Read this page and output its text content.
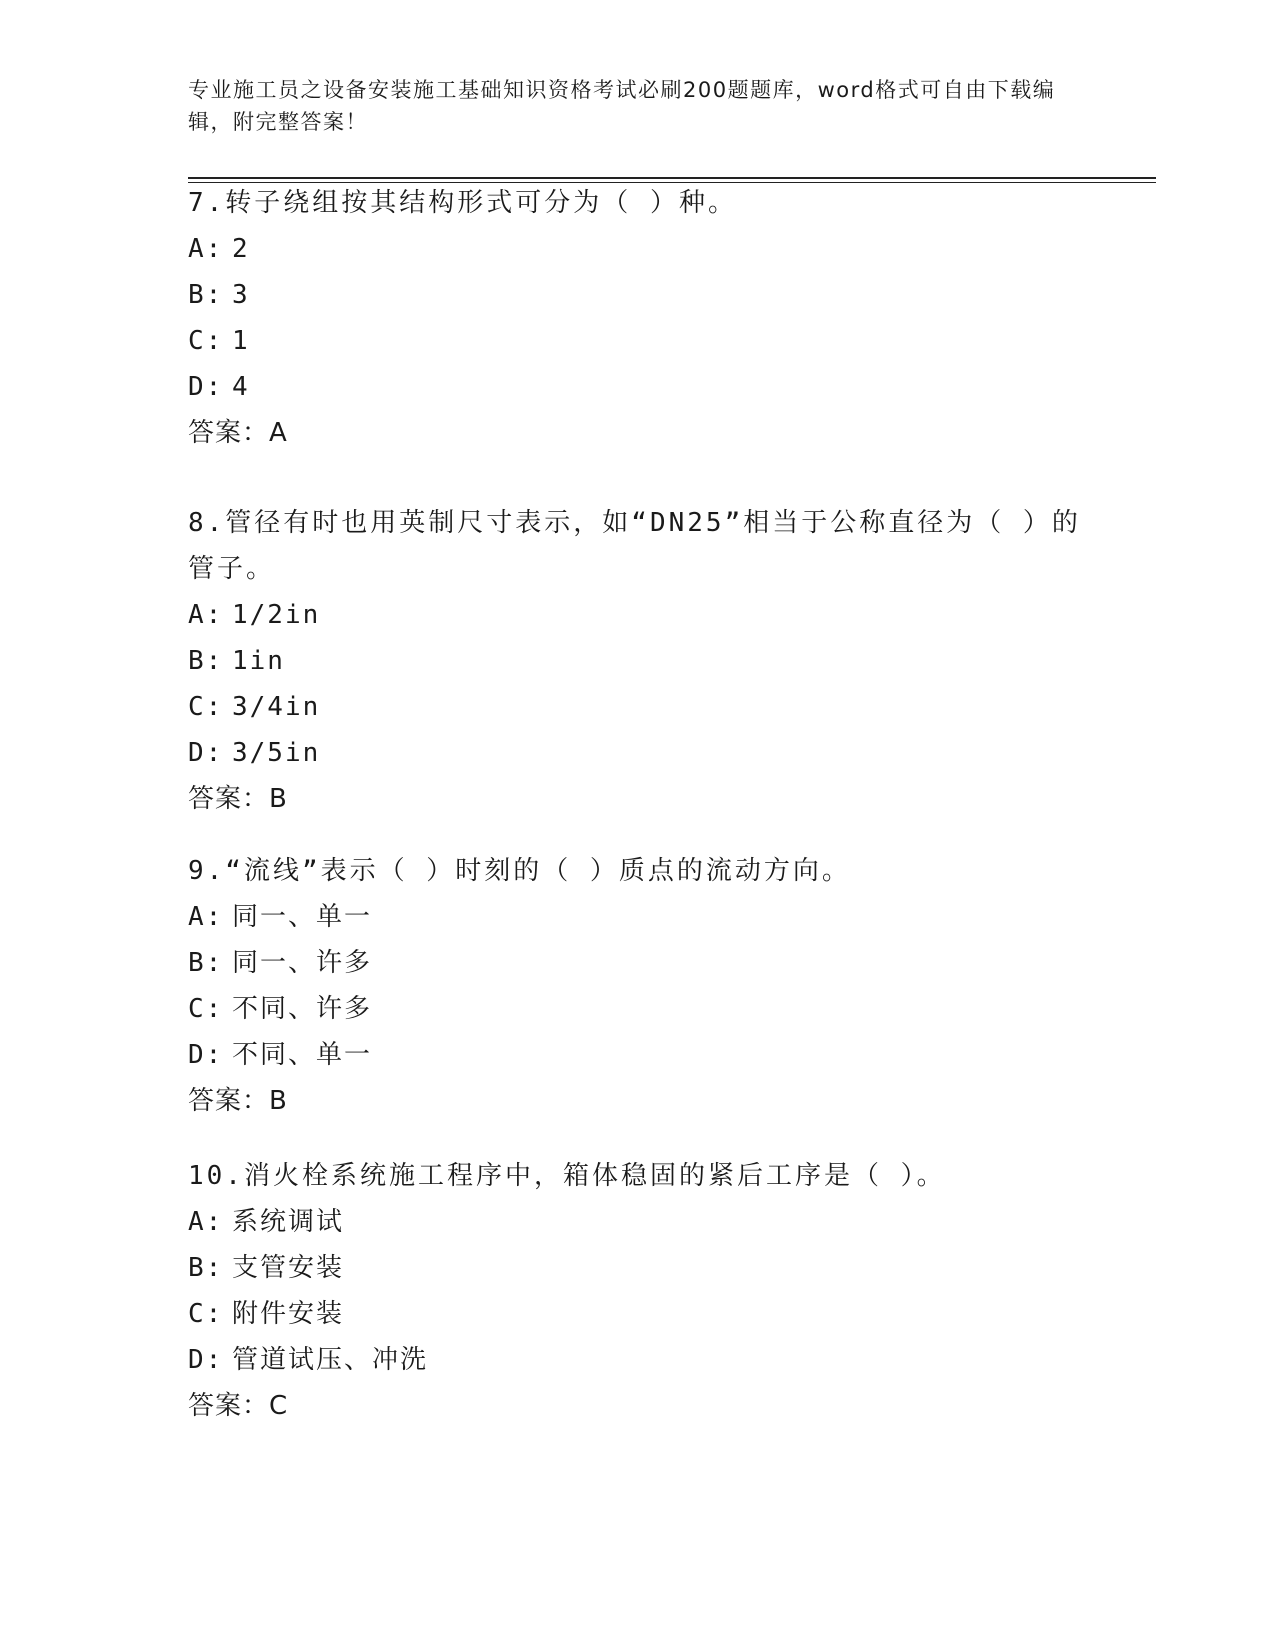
专业施工员之设备安装施工基础知识资格考试必刷200题题库，word格式可自由下载编辑，附完整答案！

7.转子绕组按其结构形式可分为（ ）种。

A: 2

B: 3

C: 1

D: 4

答案：A

8.管径有时也用英制尺寸表示，如“DN25”相当于公称直径为（ ）的管子。

A: 1/2in

B: 1in

C: 3/4in

D: 3/5in

答案：B

9.“流线”表示（ ）时刻的（ ）质点的流动方向。

A: 同一、单一

B: 同一、许多

C: 不同、许多

D: 不同、单一

答案：B

10.消火栓系统施工程序中，箱体稳固的紧后工序是（ ）。

A: 系统调试

B: 支管安装

C: 附件安装

D: 管道试压、冲洗

答案：C
